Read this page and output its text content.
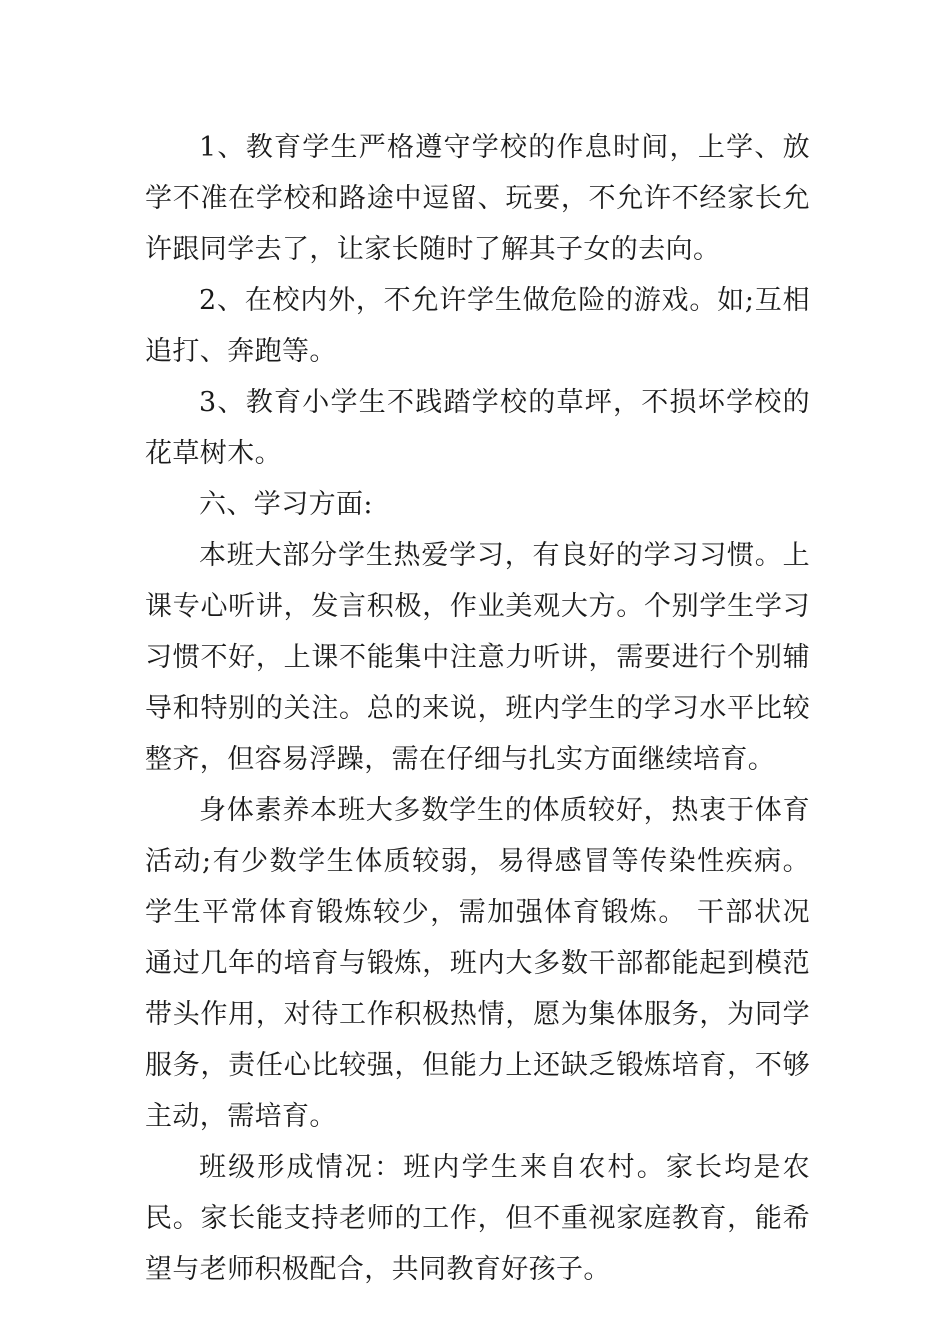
1、教育学生严格遵守学校的作息时间，上学、放学不准在学校和路途中逗留、玩要，不允许不经家长允许跟同学去了，让家长随时了解其子女的去向。

2、在校内外，不允许学生做危险的游戏。如;互相追打、奔跑等。

3、教育小学生不践踏学校的草坪，不损坏学校的花草树木。

六、学习方面:

本班大部分学生热爱学习，有良好的学习习惯。上课专心听讲，发言积极，作业美观大方。个别学生学习习惯不好，上课不能集中注意力听讲，需要进行个别辅导和特别的关注。总的来说，班内学生的学习水平比较整齐，但容易浮躁，需在仔细与扎实方面继续培育。

身体素养本班大多数学生的体质较好，热衷于体育活动;有少数学生体质较弱，易得感冒等传染性疾病。学生平常体育锻炼较少，需加强体育锻炼。 干部状况通过几年的培育与锻炼，班内大多数干部都能起到模范带头作用，对待工作积极热情，愿为集体服务，为同学服务，责任心比较强，但能力上还缺乏锻炼培育，不够主动，需培育。

班级形成情况：班内学生来自农村。家长均是农民。家长能支持老师的工作，但不重视家庭教育，能希望与老师积极配合，共同教育好孩子。
